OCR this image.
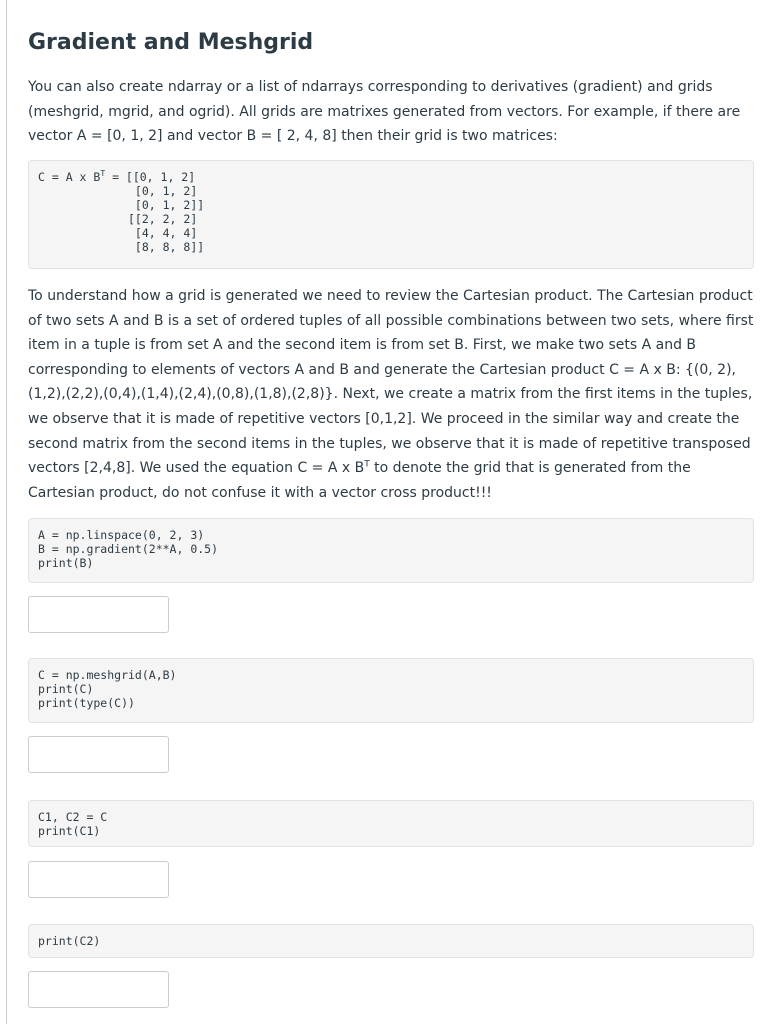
Gradient and Meshgrid

You can also create ndarray or a list of ndarrays corresponding to derivatives (gradient) and grids (meshgrid, mgrid, and ogrid). All grids are matrixes generated from vectors. For example, if there are vector A = [0, 1, 2] and vector B = [ 2, 4, 8] then their grid is two matrices:

C = A x $B^T = [[0$, 1, 2]
[0, 1, 2]
[0, 1, 2]]
[[2, 2, 2]
[4, 4, 4]
[8, 8, 8]]

To understand how a grid is generated we need to review the Cartesian product. The Cartesian product of two sets A and B is a set of ordered tuples of all possible combinations between two sets, where first item in a tuple is from set A and the second item is from set B. First, we make two sets A and B corresponding to elements of vectors A and B and generate the Cartesian product C = A x B: {(0, 2), (1,2),(2,2),(0,4),(1,4),(2,4),(0,8),(1,8),(2,8)}. Next, we create a matrix from the first items in the tuples, we observe that it is made of repetitive vectors [0,1,2]. We proceed in the similar way and create the second matrix from the second items in the tuples, we observe that it is made of repetitive transposed vectors [2,4,8]. We used the equation C = A x $B^T$ to denote the grid that is generated from the Cartesian product, do not confuse it with a vector cross product!!!

A = np.linspace(0, 2, 3)
B = np.gradient(2**A, 0.5)
print(B)
C = np.meshgrid(A,B)
print(C)
print(type(C))
C1, C2 = C
print(C1)
print(C2)
